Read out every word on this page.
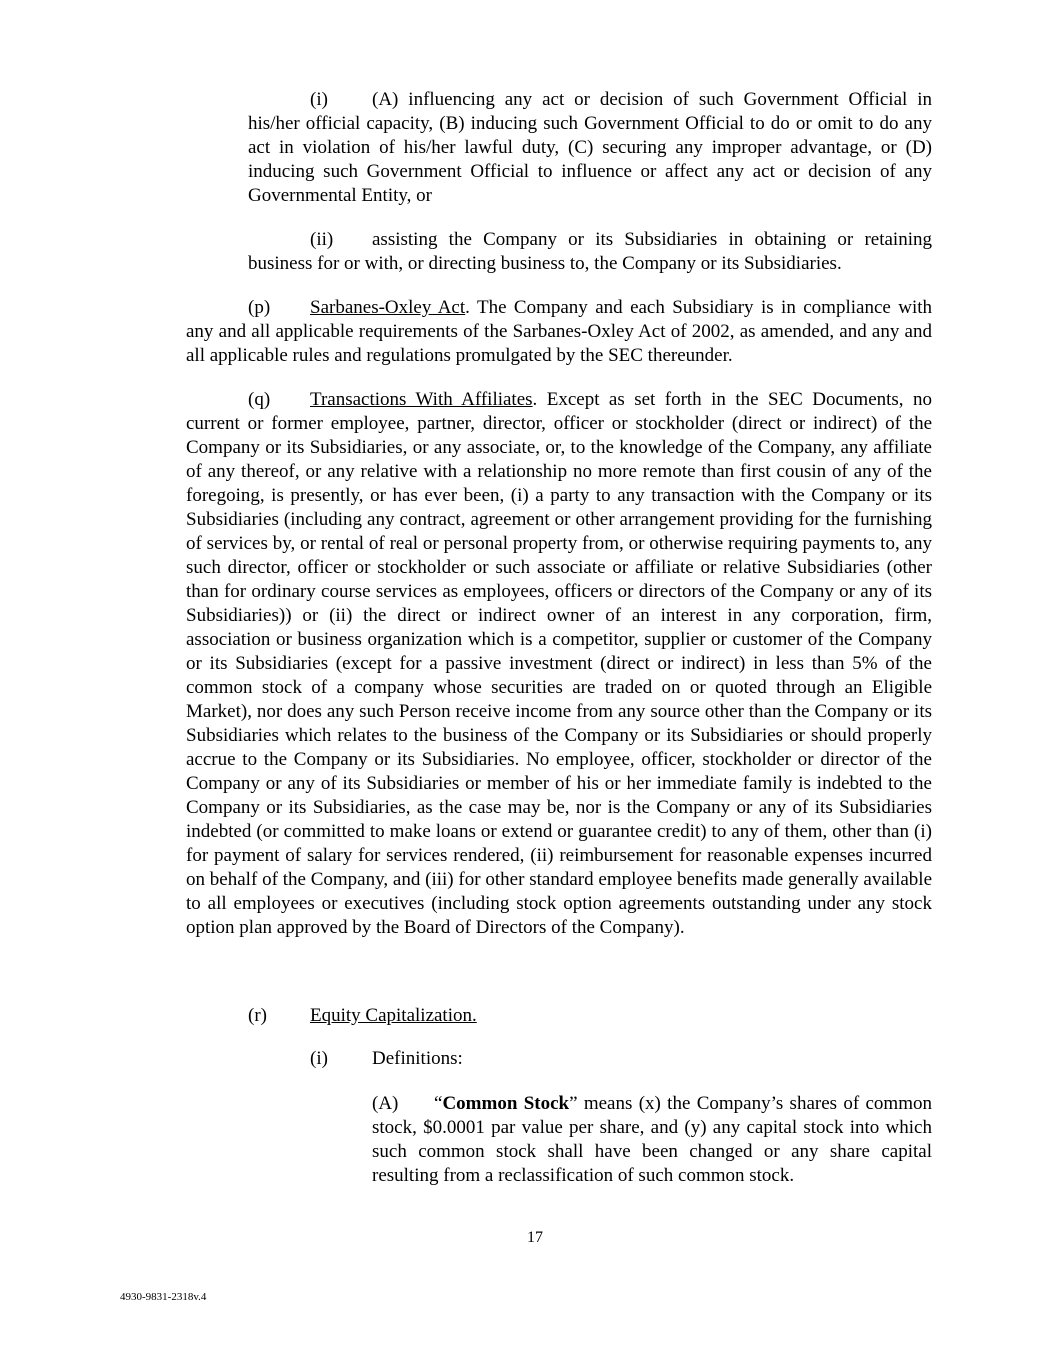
(i) (A) influencing any act or decision of such Government Official in his/her official capacity, (B) inducing such Government Official to do or omit to do any act in violation of his/her lawful duty, (C) securing any improper advantage, or (D) inducing such Government Official to influence or affect any act or decision of any Governmental Entity, or

(ii) assisting the Company or its Subsidiaries in obtaining or retaining business for or with, or directing business to, the Company or its Subsidiaries.

(p) Sarbanes-Oxley Act. The Company and each Subsidiary is in compliance with any and all applicable requirements of the Sarbanes-Oxley Act of 2002, as amended, and any and all applicable rules and regulations promulgated by the SEC thereunder.

(q) Transactions With Affiliates. Except as set forth in the SEC Documents, no current or former employee, partner, director, officer or stockholder (direct or indirect) of the Company or its Subsidiaries, or any associate, or, to the knowledge of the Company, any affiliate of any thereof, or any relative with a relationship no more remote than first cousin of any of the foregoing, is presently, or has ever been, (i) a party to any transaction with the Company or its Subsidiaries (including any contract, agreement or other arrangement providing for the furnishing of services by, or rental of real or personal property from, or otherwise requiring payments to, any such director, officer or stockholder or such associate or affiliate or relative Subsidiaries (other than for ordinary course services as employees, officers or directors of the Company or any of its Subsidiaries)) or (ii) the direct or indirect owner of an interest in any corporation, firm, association or business organization which is a competitor, supplier or customer of the Company or its Subsidiaries (except for a passive investment (direct or indirect) in less than 5% of the common stock of a company whose securities are traded on or quoted through an Eligible Market), nor does any such Person receive income from any source other than the Company or its Subsidiaries which relates to the business of the Company or its Subsidiaries or should properly accrue to the Company or its Subsidiaries. No employee, officer, stockholder or director of the Company or any of its Subsidiaries or member of his or her immediate family is indebted to the Company or its Subsidiaries, as the case may be, nor is the Company or any of its Subsidiaries indebted (or committed to make loans or extend or guarantee credit) to any of them, other than (i) for payment of salary for services rendered, (ii) reimbursement for reasonable expenses incurred on behalf of the Company, and (iii) for other standard employee benefits made generally available to all employees or executives (including stock option agreements outstanding under any stock option plan approved by the Board of Directors of the Company).

(r) Equity Capitalization.

(i) Definitions:

(A) “Common Stock” means (x) the Company’s shares of common stock, $0.0001 par value per share, and (y) any capital stock into which such common stock shall have been changed or any share capital resulting from a reclassification of such common stock.

17
4930-9831-2318v.4
